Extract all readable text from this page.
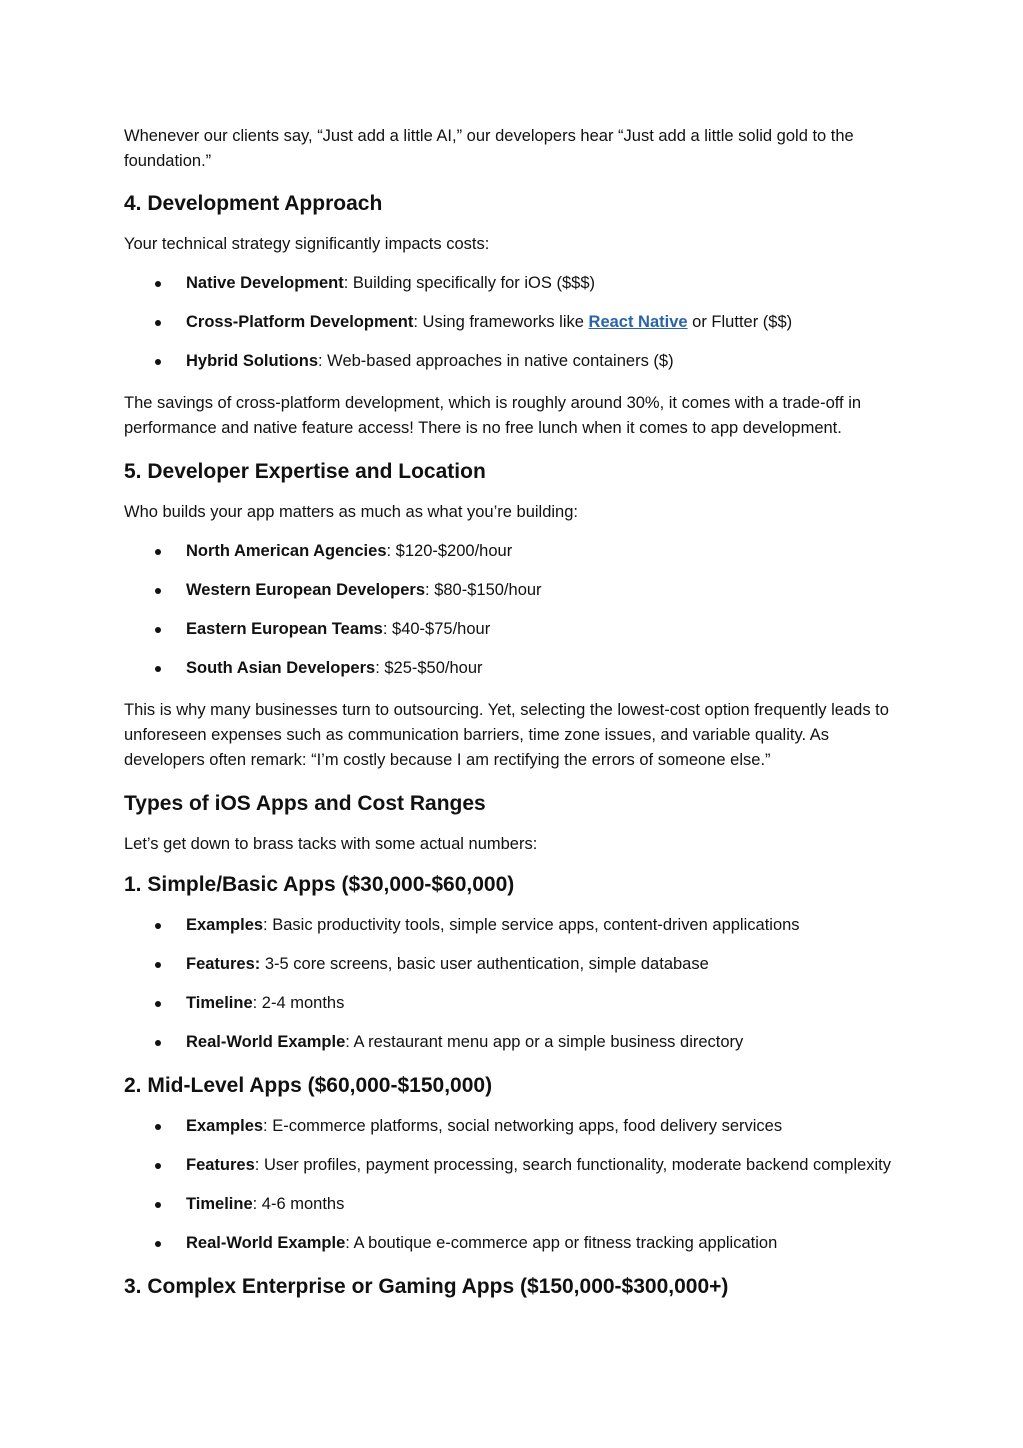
Whenever our clients say, “Just add a little AI,” our developers hear “Just add a little solid gold to the foundation.”

4. Development Approach

Your technical strategy significantly impacts costs:

Native Development: Building specifically for iOS ($$$)
Cross-Platform Development: Using frameworks like React Native or Flutter ($$)
Hybrid Solutions: Web-based approaches in native containers ($)

The savings of cross-platform development, which is roughly around 30%, it comes with a trade-off in performance and native feature access! There is no free lunch when it comes to app development.

5. Developer Expertise and Location

Who builds your app matters as much as what you’re building:

North American Agencies: $120-$200/hour
Western European Developers: $80-$150/hour
Eastern European Teams: $40-$75/hour
South Asian Developers: $25-$50/hour

This is why many businesses turn to outsourcing. Yet, selecting the lowest-cost option frequently leads to unforeseen expenses such as communication barriers, time zone issues, and variable quality. As developers often remark: “I’m costly because I am rectifying the errors of someone else.”

Types of iOS Apps and Cost Ranges

Let’s get down to brass tacks with some actual numbers:

1. Simple/Basic Apps ($30,000-$60,000)
Examples: Basic productivity tools, simple service apps, content-driven applications
Features: 3-5 core screens, basic user authentication, simple database
Timeline: 2-4 months
Real-World Example: A restaurant menu app or a simple business directory
2. Mid-Level Apps ($60,000-$150,000)
Examples: E-commerce platforms, social networking apps, food delivery services
Features: User profiles, payment processing, search functionality, moderate backend complexity
Timeline: 4-6 months
Real-World Example: A boutique e-commerce app or fitness tracking application
3. Complex Enterprise or Gaming Apps ($150,000-$300,000+)
